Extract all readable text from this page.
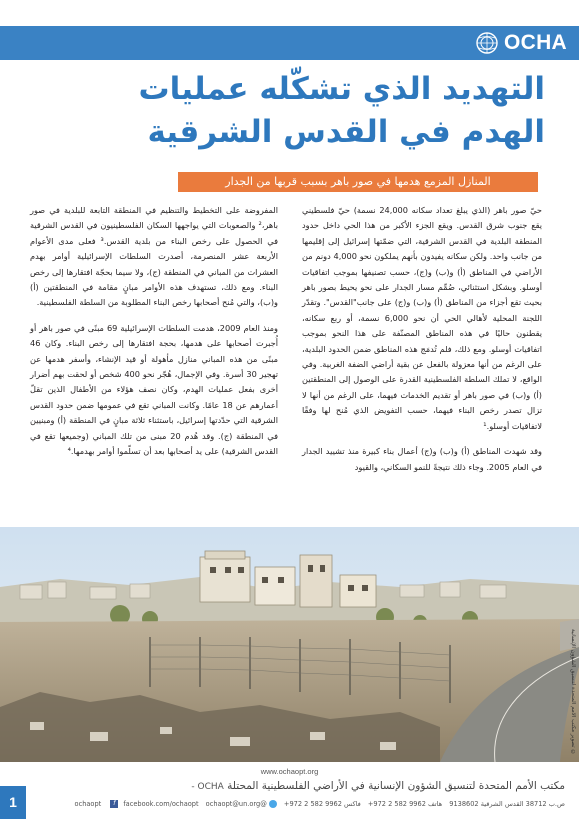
OCHA
التهديد الذي تشكّله عمليات
الهدم في القدس الشرقية
المنازل المزمع هدمها في صور باهر بسبب قربها من الجدار

حيّ صور باهر (الذي يبلغ تعداد سكانه 24,000 نسمة) حيّ فلسطيني يقع جنوب شرق القدس. ويقع الجزء الأكبر من هذا الحي داخل حدود المنطقة البلدية في القدس الشرقية، التي ضمّتها إسرائيل إلى إقليمها من جانب واحد. ولكن سكانه يفيدون بأنهم يملكون نحو 4,000 دونم من الأراضي في المناطق (أ) و(ب) و(ج)، حسب تصنيفها بموجب اتفاقيات أوسلو. وبشكل استثنائي، صُمِّم مسار الجدار على نحو يحيط بصور باهر بحيث تقع أجزاء من المناطق (أ) و(ب) و(ج) على جانب"القدس". وتقدّر اللجنة المحلية لأهالي الحي أن نحو 6,000 نسمة، أو ربع سكانه، يقطنون حاليًا في هذه المناطق المصنّفة على هذا النحو بموجب اتفاقيات أوسلو. ومع ذلك، فلم تُدمَج هذه المناطق ضمن الحدود البلدية، على الرغم من أنها معزولة بالفعل عن بقية أراضي الضفة الغربية. وفي الواقع، لا تملك السلطة الفلسطينية القدرة على الوصول إلى المنطقتين (أ) و(ب) في صور باهر أو تقديم الخدمات فيهما، على الرغم من أنها لا تزال تصدر رخص البناء فيهما، حسب التفويض الذي مُنح لها وفقًا لاتفاقيات أوسلو.¹

وقد شهدت المناطق (أ) و(ب) و(ج) أعمال بناء كبيرة منذ تشييد الجدار في العام 2005. وجاء ذلك نتيجةً للنمو السكاني، والقيود

المفروضة على التخطيط والتنظيم في المنطقة التابعة للبلدية في صور باهر،² والصعوبات التي يواجهها السكان الفلسطينيون في القدس الشرقية في الحصول على رخص البناء من بلدية القدس.³ فعلى مدى الأعوام الأربعة عشر المنصرمة، أصدرت السلطات الإسرائيلية أوامر بهدم العشرات من المباني في المنطقة (ج)، ولا سيما بحجّة افتقارها إلى رخص البناء. ومع ذلك، تستهدف هذه الأوامر مبانٍ مقامة في المنطقتين (أ) و(ب)، والتي مُنح أصحابها رخص البناء المطلوبة من السلطة الفلسطينية.

ومنذ العام 2009، هدمت السلطات الإسرائيلية 69 مبنًى في صور باهر أو أُجبرت أصحابها على هدمها، بحجة افتقارها إلى رخص البناء. وكان 46 مبنًى من هذه المباني منازل مأهولة أو قيد الإنشاء، وأسفر هدمها عن تهجير 30 أسرة. وفي الإجمال، هُجّر نحو 400 شخص أو لحقت بهم أضرار أخرى بفعل عمليات الهدم، وكان نصف هؤلاء من الأطفال الذين تقلّ أعمارهم عن 18 عامًا. وكانت المباني تقع في عمومها ضمن حدود القدس الشرقية التي حدّدتها إسرائيل، باستثناء ثلاثة مبانٍ في المنطقة (أ) ومبنيين في المنطقة (ج). وقد هُدم 20 مبنى من تلك المباني (وجميعها تقع في القدس الشرقية) على يد أصحابها بعد أن تسلّموا أوامر بهدمها.⁴

© تصوير مكتب الأمم المتحدة لتنسيق الشؤون الإنسانية
www.ochaopt.org
مكتب الأمم المتحدة لتنسيق الشؤون الإنسانية في الأراضي الفلسطينية المحتلة OCHA -
ص.ب 38712 القدس الشرقية 9138602 هاتف 9962 582 2 972+ فاكس 9962 582 2 972+ @ochaopt f facebook.com/ochaopt ochaopt@un.org
1
